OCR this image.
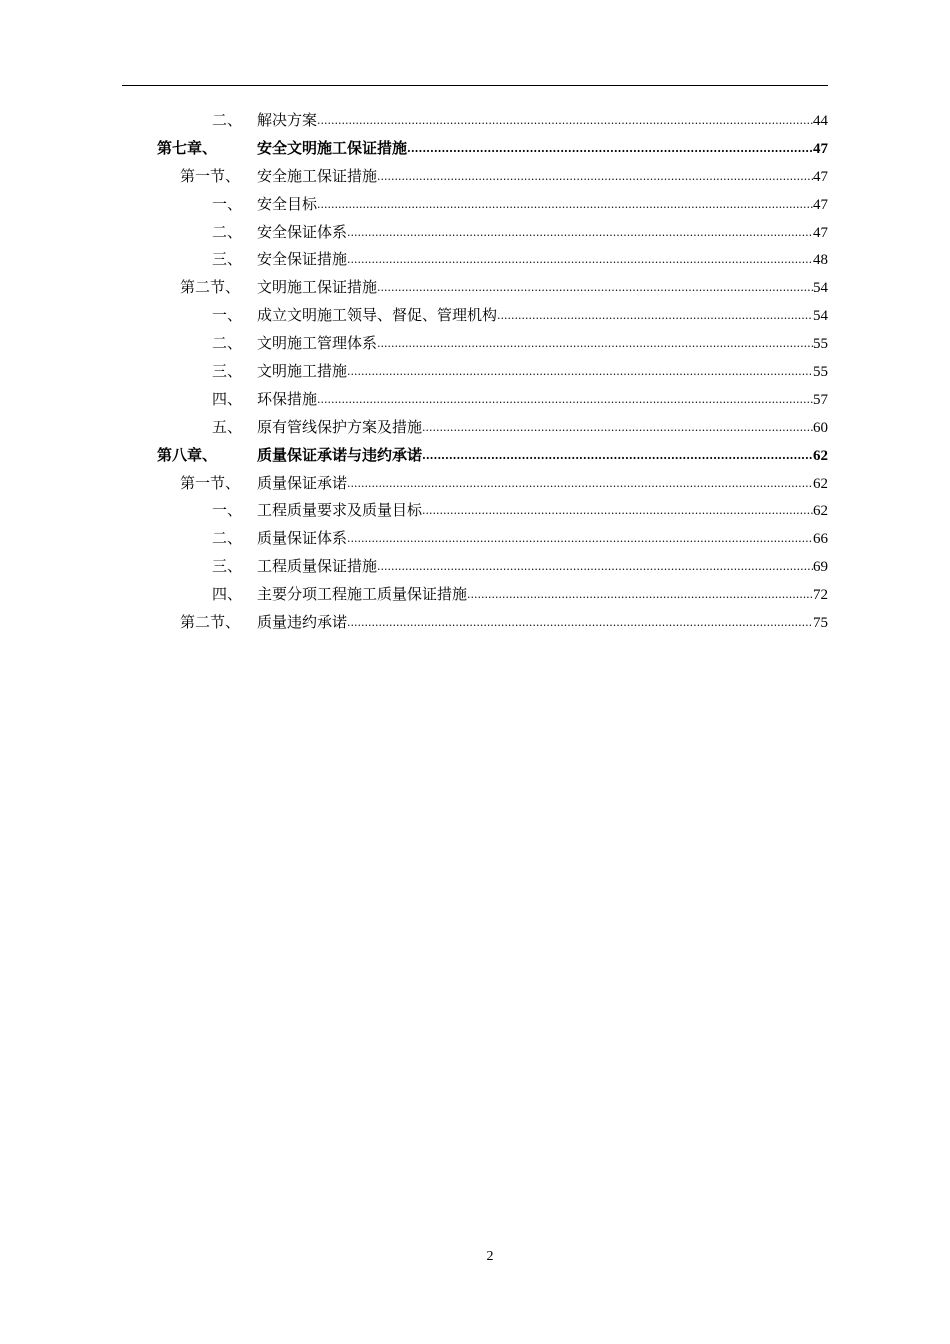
二、 解决方案 .....	44
第七章、	安全文明施工保证措施 .....	47
第一节、 安全施工保证措施 .....	47
一、 安全目标 .....	47
二、 安全保证体系 .....	47
三、 安全保证措施 .....	48
第二节、 文明施工保证措施 .....	54
一、 成立文明施工领导、督促、管理机构 .....	54
二、 文明施工管理体系 .....	55
三、 文明施工措施 .....	55
四、 环保措施 .....	57
五、 原有管线保护方案及措施 .....	60
第八章、	质量保证承诺与违约承诺 .....	62
第一节、 质量保证承诺 .....	62
一、 工程质量要求及质量目标 .....	62
二、 质量保证体系 .....	66
三、 工程质量保证措施 .....	69
四、 主要分项工程施工质量保证措施 .....	72
第二节、 质量违约承诺 .....	75
2
